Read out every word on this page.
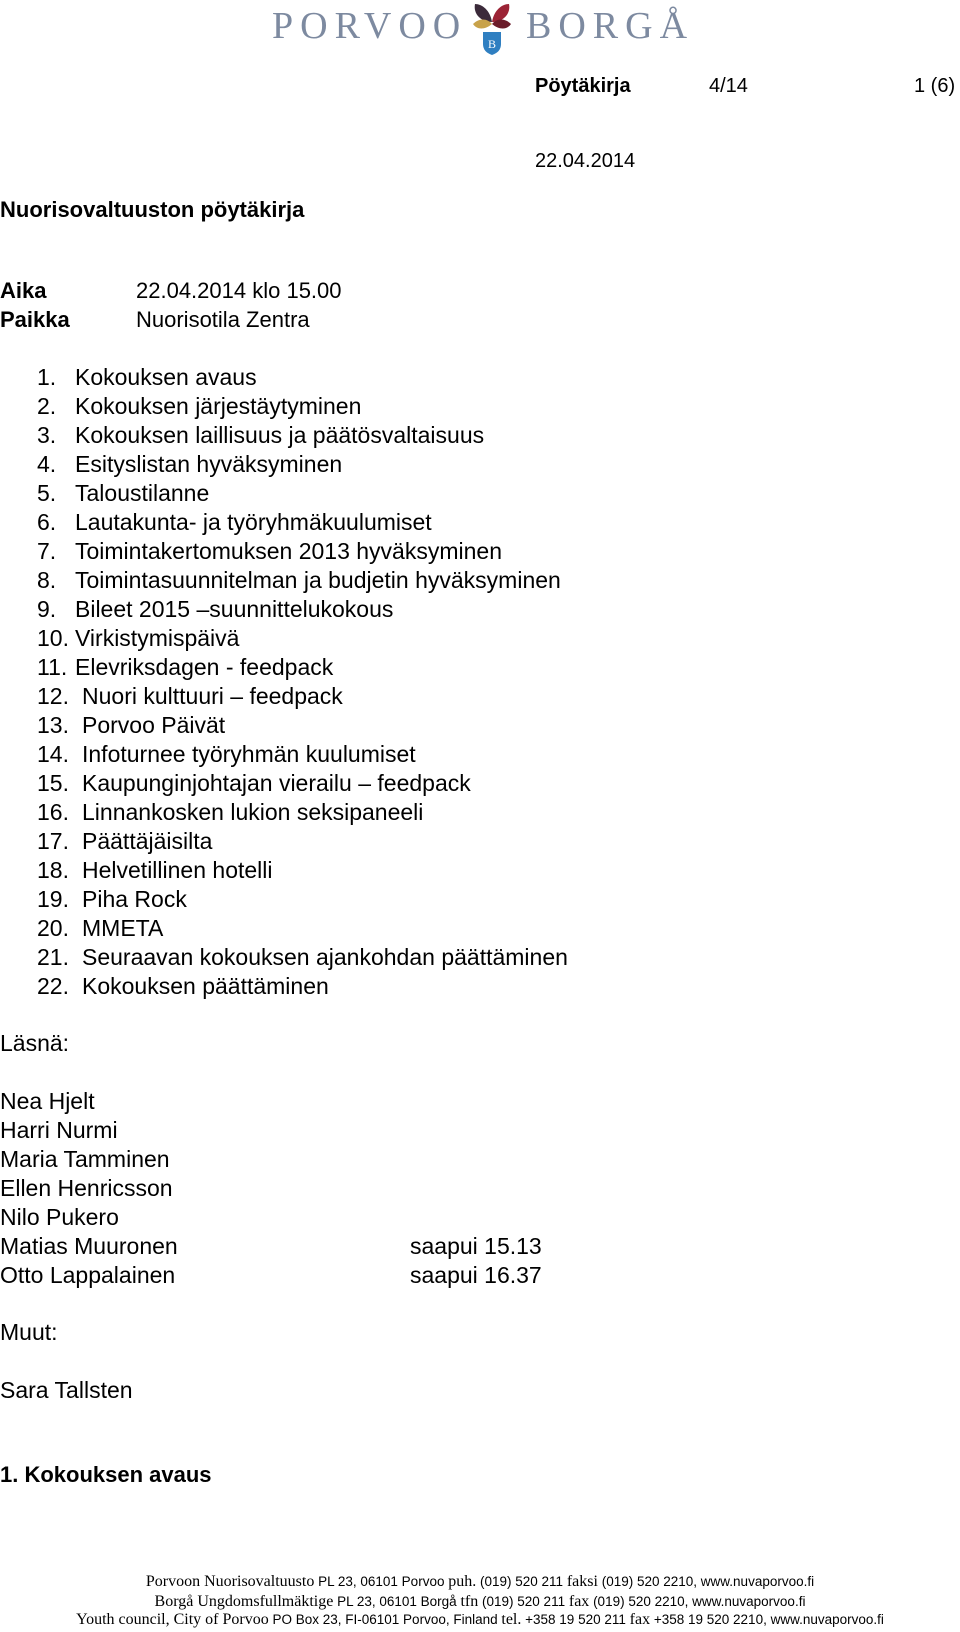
PORVOO B BORGÅ
Pöytäkirja	4/14	1 (6)
22.04.2014
Nuorisovaltuuston pöytäkirja
Aika	22.04.2014 klo 15.00
Paikka	Nuorisotila Zentra
1. Kokouksen avaus
2. Kokouksen järjestäytyminen
3. Kokouksen laillisuus ja päätösvaltaisuus
4. Esityslistan hyväksyminen
5. Taloustilanne
6. Lautakunta- ja työryhmäkuulumiset
7. Toimintakertomuksen 2013 hyväksyminen
8. Toimintasuunnitelman ja budjetin hyväksyminen
9. Bileet 2015 –suunnittelukokous
10. Virkistymispäivä
11. Elevriksdagen - feedpack
12. Nuori kulttuuri – feedpack
13. Porvoo Päivät
14. Infoturnee työryhmän kuulumiset
15. Kaupunginjohtajan vierailu – feedpack
16. Linnankosken lukion seksipaneeli
17. Päättäjäisilta
18. Helvetillinen hotelli
19. Piha Rock
20. MMETA
21. Seuraavan kokouksen ajankohdan päättäminen
22. Kokouksen päättäminen
Läsnä:
Nea Hjelt
Harri Nurmi
Maria Tamminen
Ellen Henricsson
Nilo Pukero
Matias Muuronen	saapui 15.13
Otto Lappalainen	saapui 16.37
Muut:
Sara Tallsten
1. Kokouksen avaus
Porvoon Nuorisovaltuusto PL 23, 06101 Porvoo puh. (019) 520 211 faksi (019) 520 2210, www.nuvaporvoo.fi
Borgå Ungdomsfullmäktige PL 23, 06101 Borgå tfn (019) 520 211 fax (019) 520 2210, www.nuvaporvoo.fi
Youth council, City of Porvoo PO Box 23, FI-06101 Porvoo, Finland tel. +358 19 520 211 fax +358 19 520 2210, www.nuvaporvoo.fi
